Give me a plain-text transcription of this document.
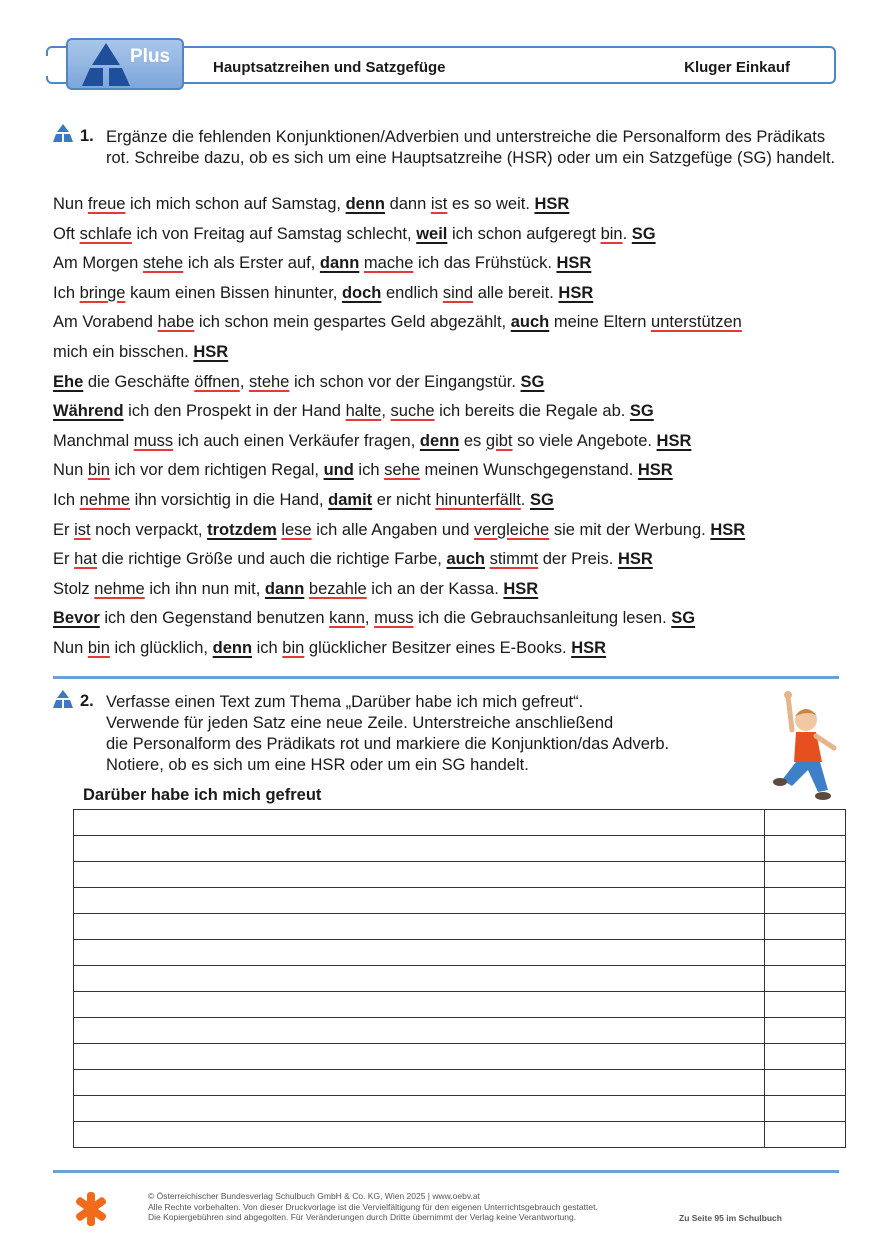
Plus
Hauptsatzreihen und Satzgefüge	Kluger Einkauf
1. Ergänze die fehlenden Konjunktionen/Adverbien und unterstreiche die Personalform des Prädikats rot. Schreibe dazu, ob es sich um eine Hauptsatzreihe (HSR) oder um ein Satzgefüge (SG) handelt.
Nun freue ich mich schon auf Samstag, denn dann ist es so weit. HSR
Oft schlafe ich von Freitag auf Samstag schlecht, weil ich schon aufgeregt bin. SG
Am Morgen stehe ich als Erster auf, dann mache ich das Frühstück. HSR
Ich bringe kaum einen Bissen hinunter, doch endlich sind alle bereit. HSR
Am Vorabend habe ich schon mein gespartes Geld abgezählt, auch meine Eltern unterstützen
mich ein bisschen. HSR
Ehe die Geschäfte öffnen, stehe ich schon vor der Eingangstür. SG
Während ich den Prospekt in der Hand halte, suche ich bereits die Regale ab. SG
Manchmal muss ich auch einen Verkäufer fragen, denn es gibt so viele Angebote. HSR
Nun bin ich vor dem richtigen Regal, und ich sehe meinen Wunschgegenstand. HSR
Ich nehme ihn vorsichtig in die Hand, damit er nicht hinunterfällt. SG
Er ist noch verpackt, trotzdem lese ich alle Angaben und vergleiche sie mit der Werbung. HSR
Er hat die richtige Größe und auch die richtige Farbe, auch stimmt der Preis. HSR
Stolz nehme ich ihn nun mit, dann bezahle ich an der Kassa. HSR
Bevor ich den Gegenstand benutzen kann, muss ich die Gebrauchsanleitung lesen. SG
Nun bin ich glücklich, denn ich bin glücklicher Besitzer eines E-Books. HSR
2. Verfasse einen Text zum Thema „Darüber habe ich mich gefreut“.
Verwende für jeden Satz eine neue Zeile. Unterstreiche anschließend
die Personalform des Prädikats rot und markiere die Konjunktion/das Adverb.
Notiere, ob es sich um eine HSR oder um ein SG handelt.
Darüber habe ich mich gefreut

© Österreichischer Bundesverlag Schulbuch GmbH & Co. KG, Wien 2025 | www.oebv.at
Alle Rechte vorbehalten. Von dieser Druckvorlage ist die Vervielfältigung für den eigenen Unterrichtsgebrauch gestattet.
Die Kopiergebühren sind abgegolten. Für Veränderungen durch Dritte übernimmt der Verlag keine Verantwortung.	Zu Seite 95 im Schulbuch
